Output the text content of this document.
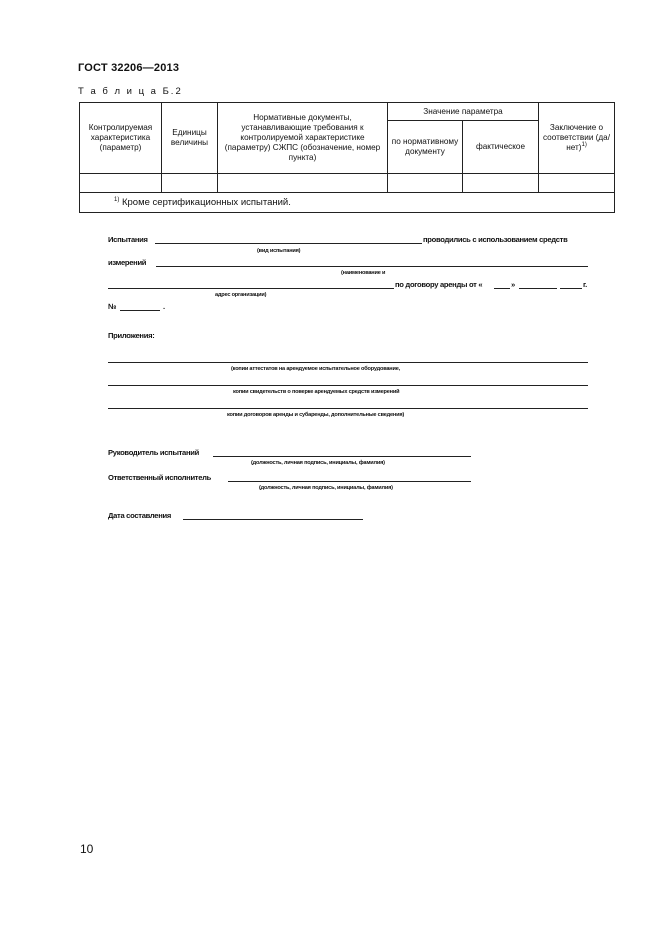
ГОСТ 32206—2013
Т а б л и ц а Б.2
Контролируемая характеристика (параметр)	Единицы величины	Нормативные документы, устанавливающие требования к контролируемой характеристике (параметру) СЖПС (обозначение, номер пункта)	Значение параметра		Заключение о соответствии $(да/нет)^{1)}$
			по нормативному документу	фактическое	

$^{1)}$ Кроме сертификационных испытаний.					
Испытания	проводились с использованием средств
(вид испытания)
измерений
(наименование и
по договору аренды от «	»	г.
адрес организации)
№	.
Приложения:
(копии аттестатов на арендуемое испытательное оборудование,
копии свидетельств о поверке арендуемых средств измерений
копии договоров аренды и субаренды, дополнительные сведения)
Руководитель испытаний
(должность, личная подпись, инициалы, фамилия)
Ответственный исполнитель
(должность, личная подпись, инициалы, фамилия)
Дата составления
10
